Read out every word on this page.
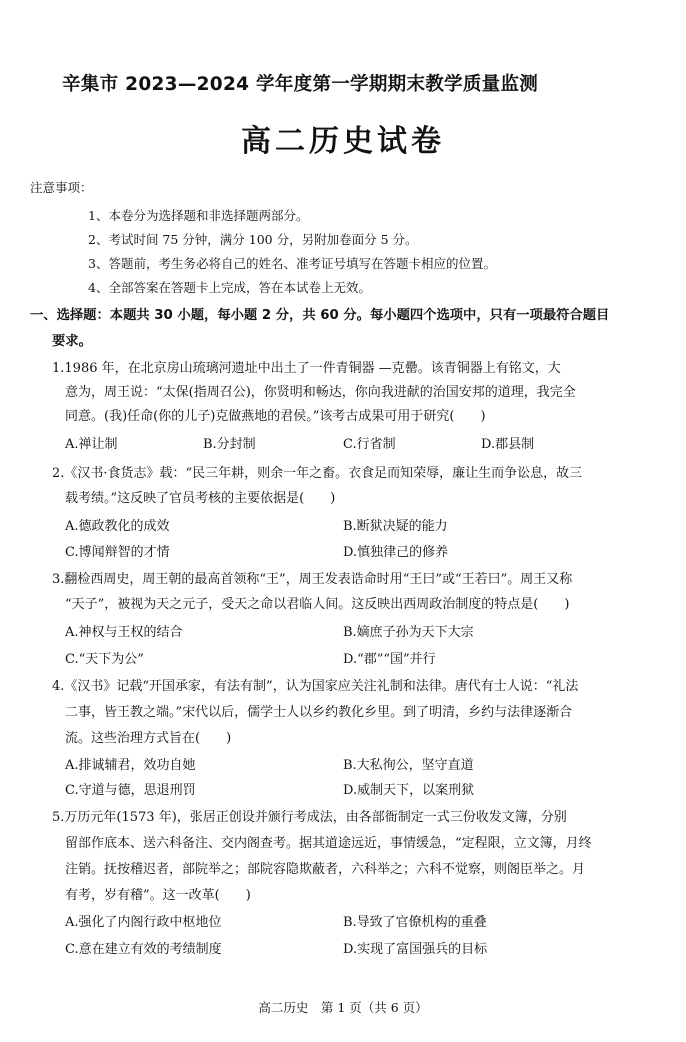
辛集市 2023—2024 学年度第一学期期末教学质量监测
高二历史试卷
注意事项：
1、本卷分为选择题和非选择题两部分。
2、考试时间 75 分钟，满分 100 分，另附加卷面分 5 分。
3、答题前，考生务必将自己的姓名、准考证号填写在答题卡相应的位置。
4、全部答案在答题卡上完成，答在本试卷上无效。
一、选择题：本题共 30 小题，每小题 2 分，共 60 分。每小题四个选项中，只有一项最符合题目
要求。
1.1986 年，在北京房山琉璃河遗址中出土了一件青铜器 —克罍。该青铜器上有铭文，大
意为，周王说：“太保(指周召公)，你贤明和畅达，你向我进献的治国安邦的道理，我完全
同意。(我)任命(你的儿子)克做燕地的君侯。”该考古成果可用于研究(　　)
A.禅让制	B.分封制	C.行省制	D.郡县制
2.《汉书·食货志》载：“民三年耕，则余一年之畜。衣食足而知荣辱，廉让生而争讼息，故三
载考绩。”这反映了官员考核的主要依据是(　　)
A.德政教化的成效	B.断狱决疑的能力
C.博闻辩智的才情	D.慎独律己的修养
3.翻检西周史，周王朝的最高首领称“王”，周王发表诰命时用“王曰”或“王若曰”。周王又称
“天子”，被视为天之元子，受天之命以君临人间。这反映出西周政治制度的特点是(　　)
A.神权与王权的结合	B.嫡庶子孙为天下大宗
C.“天下为公”	D.“郡”“国”并行
4.《汉书》记载“开国承家，有法有制”，认为国家应关注礼制和法律。唐代有士人说：“礼法
二事，皆王教之端。”宋代以后，儒学士人以乡约教化乡里。到了明清，乡约与法律逐渐合
流。这些治理方式旨在(　　)
A.排诚辅君，效功自她	B.大私徇公，坚守直道
C.守道与德，思退刑罚	D.威制天下，以案刑狱
5.万历元年(1573 年)，张居正创设并颁行考成法，由各部衙制定一式三份收发文簿，分别
留部作底本、送六科备注、交内阁查考。据其道途远近，事情缓急，“定程限，立文簿，月终
注销。抚按稽迟者，部院举之；部院容隐欺蔽者，六科举之；六科不觉察，则阁臣举之。月
有考，岁有稽”。这一改革(　　)
A.强化了内阁行政中枢地位	B.导致了官僚机构的重叠
C.意在建立有效的考绩制度	D.实现了富国强兵的目标
高二历史　第 1 页（共 6 页）
